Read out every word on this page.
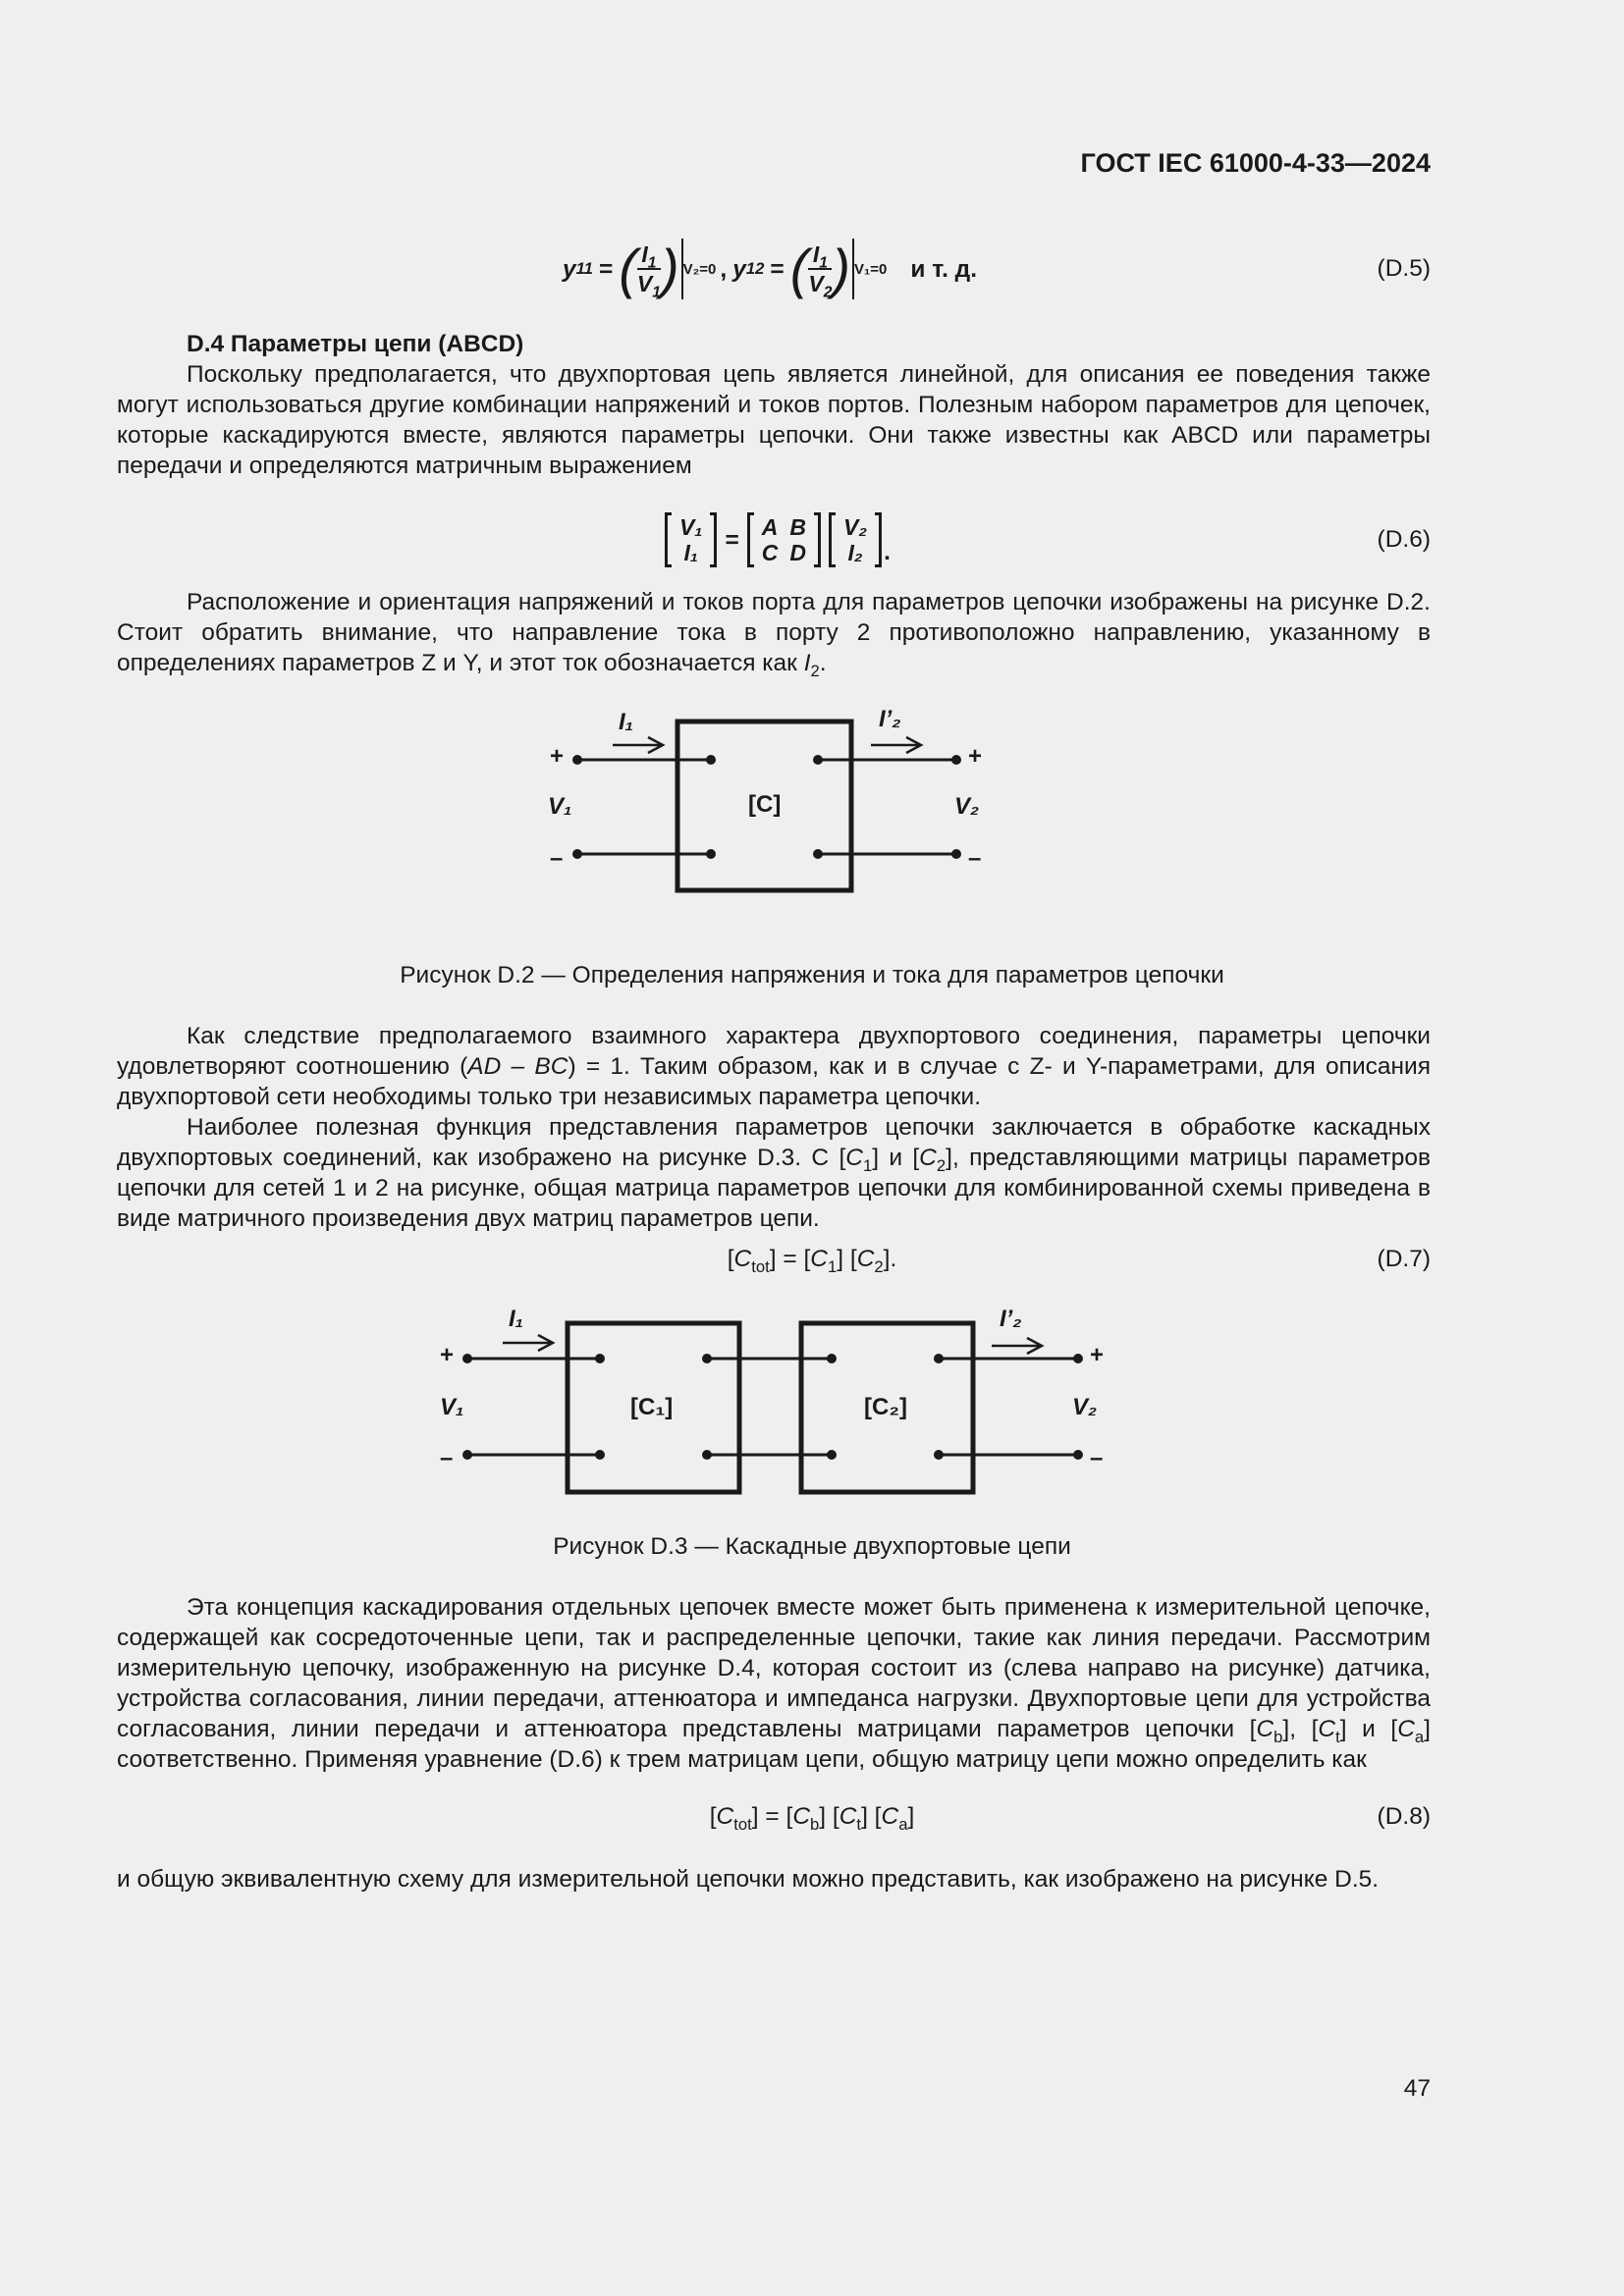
ГОСТ IEC 61000-4-33—2024
y 11 = ( $\frac{I_1}{V_1}$ ) V₂=0 , y 12 = ( $\frac{I_1}{V_2}$ ) V₁=0 и т. д.	(D.5)

D.4 Параметры цепи (ABCD)

Поскольку предполагается, что двухпортовая цепь является линейной, для описания ее поведения также могут использоваться другие комбинации напряжений и токов портов. Полезным набором параметров для цепочек, которые каскадируются вместе, являются параметры цепочки. Они также известны как ABCD или параметры передачи и определяются матричным выражением

V₁
I₁ = A	B
C	D
V₂
I₂ .	(D.6)

Расположение и ориентация напряжений и токов порта для параметров цепочки изображены на рисунке D.2. Стоит обратить внимание, что направление тока в порту 2 противоположно направлению, указанному в определениях параметров Z и Y, и этот ток обозначается как $I_2$.

I₁	I’₂
+	+
–	–
V₁	V₂
[C]
Рисунок D.2 — Определения напряжения и тока для параметров цепочки

Как следствие предполагаемого взаимного характера двухпортового соединения, параметры цепочки удовлетворяют соотношению (AD – BC) = 1. Таким образом, как и в случае с Z- и Y-параметрами, для описания двухпортовой сети необходимы только три независимых параметра цепочки.

Наиболее полезная функция представления параметров цепочки заключается в обработке каскадных двухпортовых соединений, как изображено на рисунке D.3. С $[C_1]$ и $[C_2]$, представляющими матрицы параметров цепочки для сетей 1 и 2 на рисунке, общая матрица параметров цепочки для комбинированной схемы приведена в виде матричного произведения двух матриц параметров цепи.

$[C_{tot}] = [C_1]$ $[C_2]$.	(D.7)
I₁	I’₂
+	+
–	–
V₁	V₂
[C₁]	[C₂]
Рисунок D.3 — Каскадные двухпортовые цепи

Эта концепция каскадирования отдельных цепочек вместе может быть применена к измерительной цепочке, содержащей как сосредоточенные цепи, так и распределенные цепочки, такие как линия передачи. Рассмотрим измерительную цепочку, изображенную на рисунке D.4, которая состоит из (слева направо на рисунке) датчика, устройства согласования, линии передачи, аттенюатора и импеданса нагрузки. Двухпортовые цепи для устройства согласования, линии передачи и аттенюатора представлены матрицами параметров цепочки $[C_b]$, $[C_t]$ и $[C_a]$ соответственно. Применяя уравнение (D.6) к трем матрицам цепи, общую матрицу цепи можно определить как

$[C_{tot}] = [C_b]$ $[C_t]$ $[C_a]$	(D.8)

и общую эквивалентную схему для измерительной цепочки можно представить, как изображено на рисунке D.5.

47
